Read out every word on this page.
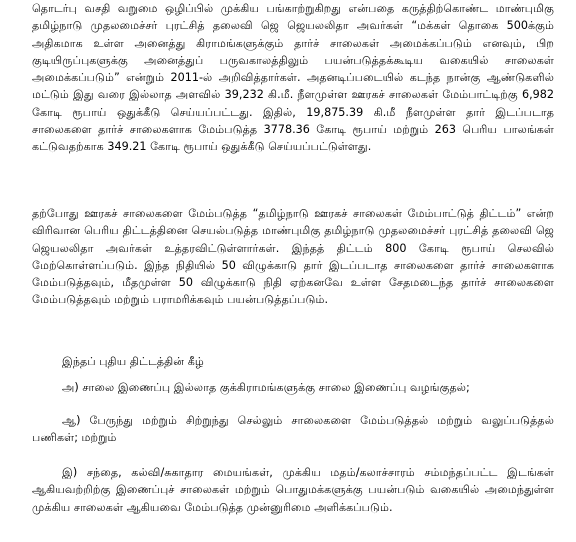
தொடர்பு வசதி வறுமை ஒழிப்பில் முக்கிய பங்காற்றுகிறது என்பதை கருத்திற்கொண்ட மாண்புமிகு தமிழ்நாடு முதலமைச்சர் புரட்சித் தலைவி ஜெ ஜெயலலிதா அவர்கள் “மக்கள் தொகை 500க்கும் அதிகமாக உள்ள அனைத்து கிராமங்களுக்கும் தார்ச் சாலைகள் அமைக்கப்படும் எனவும், பிற குடியிருப்புகளுக்கு அனைத்துப் பருவகாலத்திலும் பயன்படுத்தக்கூடிய வகையில் சாலைகள் அமைக்கப்படும்” என்றும் 2011-ல் அறிவித்தார்கள். அதனடிப்படையில் கடந்த நான்கு ஆண்டுகளில் மட்டும் இது வரை இல்லாத அளவில் 39,232 கி.மீ. நீளமுள்ள ஊரகச் சாலைகள் மேம்பாட்டிற்கு 6,982 கோடி ரூபாய் ஒதுக்கீடு செய்யப்பட்டது. இதில், 19,875.39 கி.மீ நீளமுள்ள தார் இடப்படாத சாலைகளை தார்ச் சாலைகளாக மேம்படுத்த 3778.36 கோடி ரூபாய் மற்றும் 263 பெரிய பாலங்கள் கட்டுவதற்காக 349.21 கோடி ரூபாய் ஒதுக்கீடு செய்யப்பட்டுள்ளது.

தற்போது ஊரகச் சாலைகளை மேம்படுத்த “தமிழ்நாடு ஊரகச் சாலைகள் மேம்பாட்டுத் திட்டம்” என்ற விரிவான பெரிய திட்டத்தினை செயல்படுத்த மாண்புமிகு தமிழ்நாடு முதலமைச்சர் புரட்சித் தலைவி ஜெ ஜெயலலிதா அவர்கள் உத்தரவிட்டுள்ளார்கள். இந்தத் திட்டம் 800 கோடி ரூபாய் செலவில் மேற்கொள்ளப்படும். இந்த நிதியில் 50 விழுக்காடு தார் இடப்படாத சாலைகளை தார்ச் சாலைகளாக மேம்படுத்தவும், மீதமுள்ள 50 விழுக்காடு நிதி ஏற்கனவே உள்ள சேதமடைந்த தார்ச் சாலைகளை மேம்படுத்தவும் மற்றும் பராமரிக்கவும் பயன்படுத்தப்படும்.

இந்தப் புதிய திட்டத்தின் கீழ்

அ) சாலை இணைப்பு இல்லாத குக்கிராமங்களுக்கு சாலை இணைப்பு வழங்குதல்;

ஆ) பேருந்து மற்றும் சிற்றுந்து செல்லும் சாலைகளை மேம்படுத்தல் மற்றும் வலுப்படுத்தல் பணிகள்; மற்றும்

இ) சந்தை, கல்வி/சுகாதார மையங்கள், முக்கிய மதம்/கலாச்சாரம் சம்மந்தப்பட்ட இடங்கள் ஆகியவற்றிற்கு இணைப்புச் சாலைகள் மற்றும் பொதுமக்களுக்கு பயன்படும் வகையில் அமைந்துள்ள முக்கிய சாலைகள் ஆகியவை மேம்படுத்த முன்னுரிமை அளிக்கப்படும்.
